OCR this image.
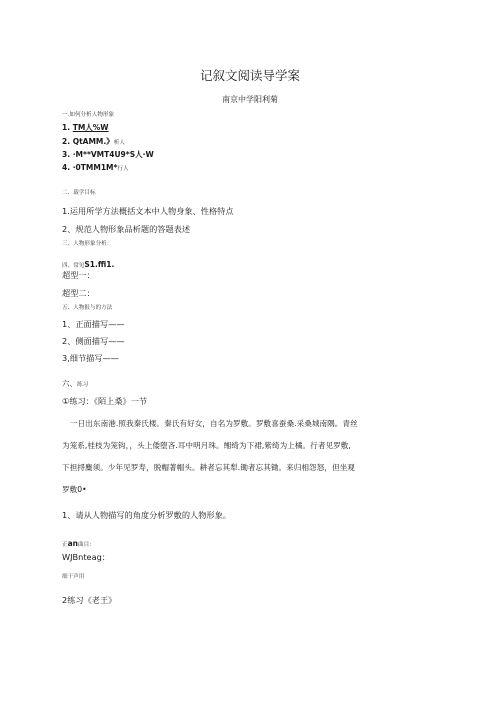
记叙文阅读导学案
南京中学阳利菊
一.如何分析人物形象
1. TM人%W
2. QtAMM.》析人
3. ·M**VMT4U9*S人·W
4. ·0TMM1M*行人
二、载学目标
1.运用所学方法概括文本中人物身象、性格特点
2、规范人物形象品析题的答题表述
三、人物形象分析：
四、常见S1.ffi1.
超型一：
超型二：
五、人物报与的方法
1、正面描写——
2、侧面描写——
3,细节描写——
六、练习
①练习：《陌上桑》一节
一日出东南港.照我秦氏楼。秦氏有好女，自名为罗敷。罗敷喜蚕桑.采桑城南隅。青丝
为笼系,桂枝为笼钩，，头上倭堕吝.耳中明月珠。缃绮为下裙,紫绮为上橘。行者见罗敷,
下担捋麋须。少年见罗寿，脱帽著帽头。耕者忘其犁.锄者忘其锄。来归相怨怒，但坐观
罗敷0•
1、请从人物描写的角度分析罗敷的人物形象。
正an曲目：
WJBnteag：
细干声用
2练习《老王》
